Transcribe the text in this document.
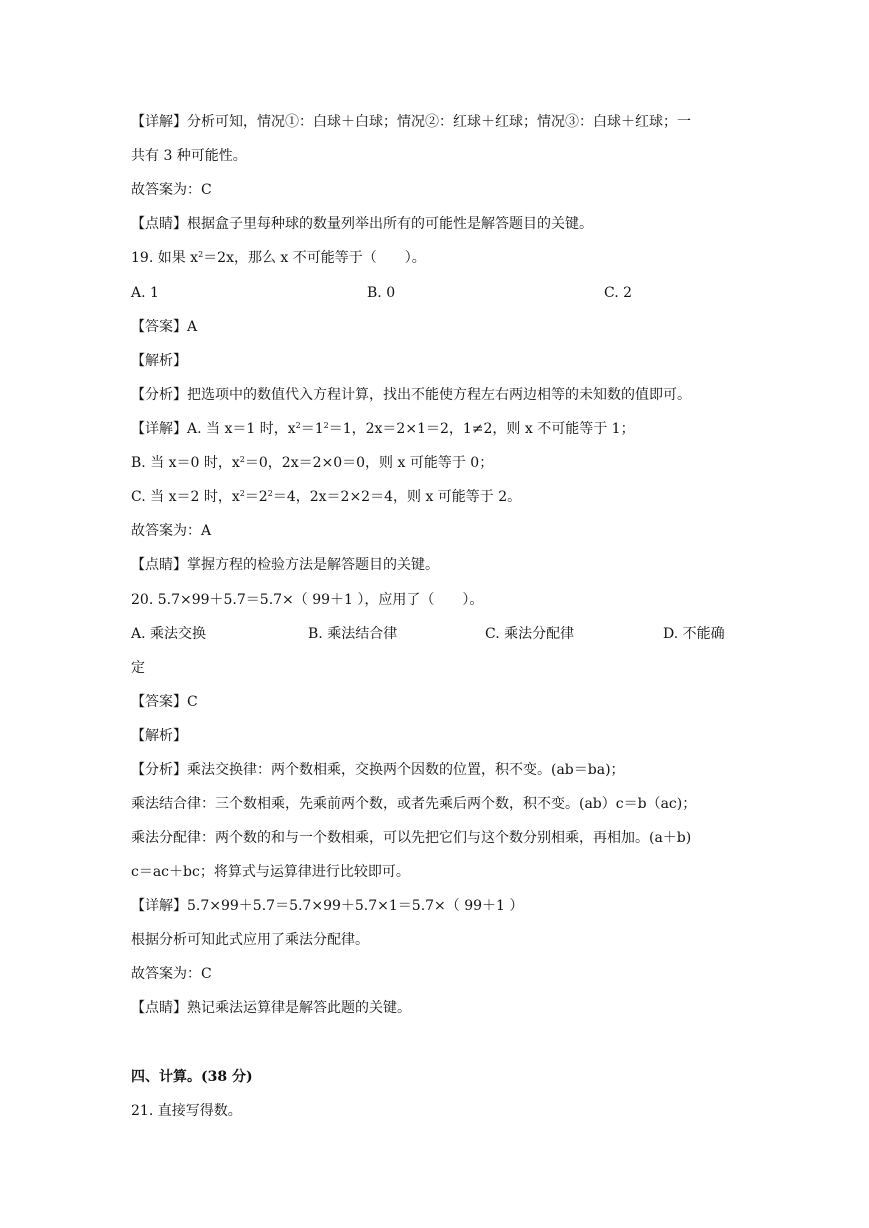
【详解】分析可知，情况①：白球＋白球；情况②：红球＋红球；情况③：白球＋红球；一
共有 3 种可能性。
故答案为：C
【点睛】根据盒子里每种球的数量列举出所有的可能性是解答题目的关键。
19. 如果 $x^2=2x$，那么 x 不可能等于（　　）。
A. 1	B. 0	C. 2
【答案】A
【解析】
【分析】把选项中的数值代入方程计算，找出不能使方程左右两边相等的未知数的值即可。
【详解】A. 当 x＝1 时，$x^2=1^2=1$，2x＝2×1＝2，1≠2，则 x 不可能等于 1；
B. 当 x＝0 时，$x^2=0$，2x＝2×0＝0，则 x 可能等于 0；
C. 当 x＝2 时，$x^2=2^2=4$，2x＝2×2＝4，则 x 可能等于 2。
故答案为：A
【点睛】掌握方程的检验方法是解答题目的关键。
20. 5.7×99＋5.7＝5.7×（ 99＋1 ），应用了（　　）。
A. 乘法交换	B. 乘法结合律	C. 乘法分配律	D. 不能确
定
【答案】C
【解析】
【分析】乘法交换律：两个数相乘，交换两个因数的位置，积不变。(ab＝ba)；
乘法结合律：三个数相乘，先乘前两个数，或者先乘后两个数，积不变。(ab）c＝b（ac)；
乘法分配律：两个数的和与一个数相乘，可以先把它们与这个数分别相乘，再相加。(a＋b)
c＝ac＋bc；将算式与运算律进行比较即可。
【详解】5.7×99＋5.7＝5.7×99＋5.7×1＝5.7×（ 99＋1 ）
根据分析可知此式应用了乘法分配律。
故答案为：C
【点睛】熟记乘法运算律是解答此题的关键。
四、计算。(38 分)
21. 直接写得数。
